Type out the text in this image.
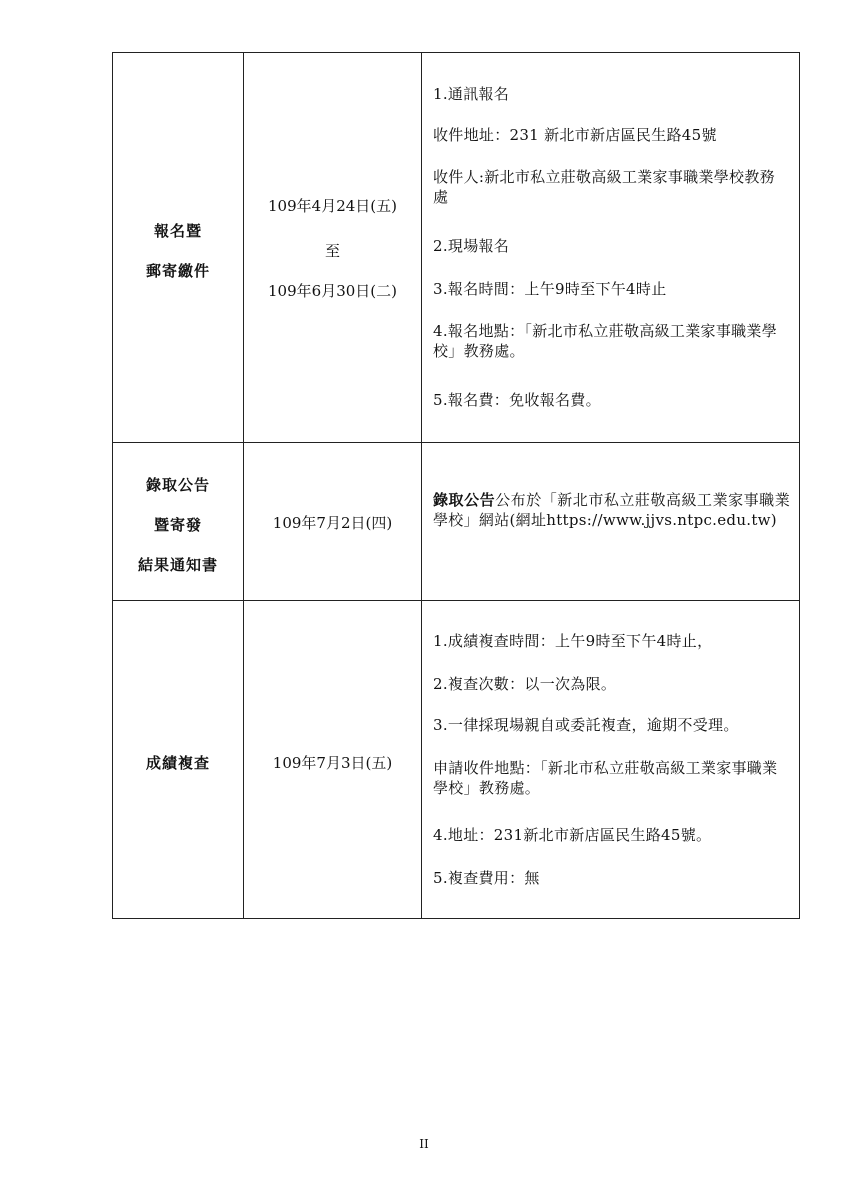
報名暨
郵寄繳件
109年4月24日(五)
至
109年6月30日(二)
1.通訊報名
收件地址：231 新北市新店區民生路45號
收件人:新北市私立莊敬高級工業家事職業學校教務處
2.現場報名
3.報名時間：上午9時至下午4時止
4.報名地點：「新北市私立莊敬高級工業家事職業學校」教務處。
5.報名費：免收報名費。
錄取公告
暨寄發
結果通知書
109年7月2日(四)
錄取公告公布於「新北市私立莊敬高級工業家事職業學校」網站(網址https://www.jjvs.ntpc.edu.tw)
成績複查	109年7月3日(五)
1.成績複查時間：上午9時至下午4時止，
2.複查次數：以一次為限。
3.一律採現場親自或委託複查，逾期不受理。
申請收件地點：「新北市私立莊敬高級工業家事職業學校」教務處。
4.地址：231新北市新店區民生路45號。
5.複查費用：無
II
